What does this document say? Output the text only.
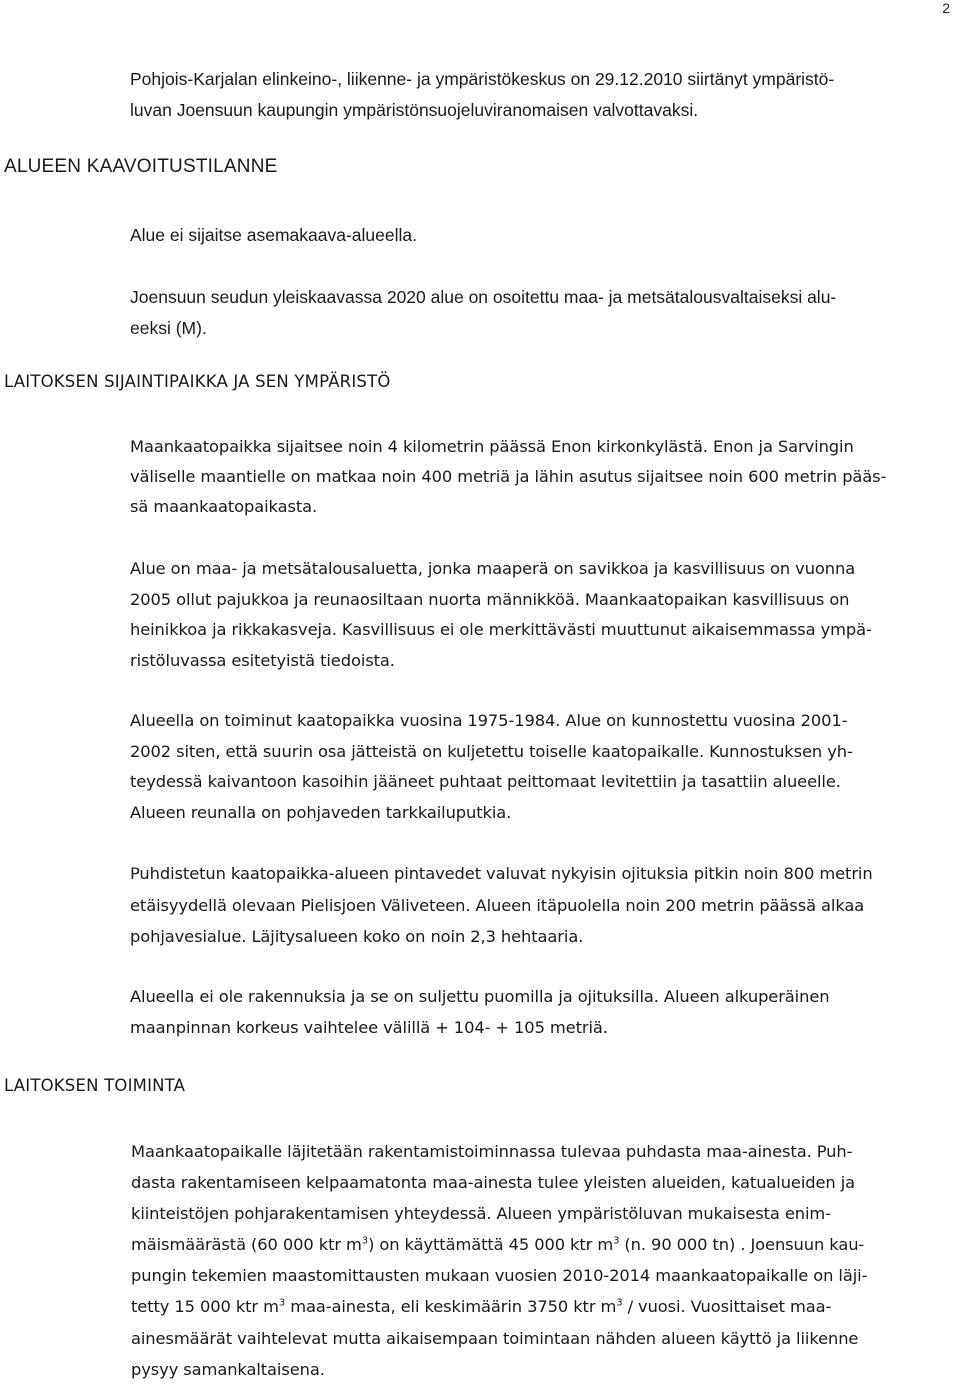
2
Pohjois-Karjalan elinkeino-, liikenne- ja ympäristökeskus on 29.12.2010 siirtänyt ympäristö-
luvan Joensuun kaupungin ympäristönsuojeluviranomaisen valvottavaksi.
ALUEEN KAAVOITUSTILANNE
Alue ei sijaitse asemakaava-alueella.
Joensuun seudun yleiskaavassa 2020 alue on osoitettu maa- ja metsätalousvaltaiseksi alu-
eeksi (M).
LAITOKSEN SIJAINTIPAIKKA JA SEN YMPÄRISTÖ
Maankaatopaikka sijaitsee noin 4 kilometrin päässä Enon kirkonkylästä. Enon ja Sarvingin
väliselle maantielle on matkaa noin 400 metriä ja lähin asutus sijaitsee noin 600 metrin pääs-
sä maankaatopaikasta.
Alue on maa- ja metsätalousaluetta, jonka maaperä on savikkoa ja kasvillisuus on vuonna
2005 ollut pajukkoa ja reunaosiltaan nuorta männikköä. Maankaatopaikan kasvillisuus on
heinikkoa ja rikkakasveja. Kasvillisuus ei ole merkittävästi muuttunut aikaisemmassa ympä-
ristöluvassa esitetyistä tiedoista.
Alueella on toiminut kaatopaikka vuosina 1975-1984. Alue on kunnostettu vuosina 2001-
2002 siten, että suurin osa jätteistä on kuljetettu toiselle kaatopaikalle. Kunnostuksen yh-
teydessä kaivantoon kasoihin jääneet puhtaat peittomaat levitettiin ja tasattiin alueelle.
Alueen reunalla on pohjaveden tarkkailuputkia.
Puhdistetun kaatopaikka-alueen pintavedet valuvat nykyisin ojituksia pitkin noin 800 metrin
etäisyydellä olevaan Pielisjoen Väliveteen. Alueen itäpuolella noin 200 metrin päässä alkaa
pohjavesialue. Läjitysalueen koko on noin 2,3 hehtaaria.
Alueella ei ole rakennuksia ja se on suljettu puomilla ja ojituksilla. Alueen alkuperäinen
maanpinnan korkeus vaihtelee välillä + 104- + 105 metriä.
LAITOKSEN TOIMINTA
Maankaatopaikalle läjitetään rakentamistoiminnassa tulevaa puhdasta maa-ainesta. Puh-
dasta rakentamiseen kelpaamatonta maa-ainesta tulee yleisten alueiden, katualueiden ja
kiinteistöjen pohjarakentamisen yhteydessä. Alueen ympäristöluvan mukaisesta enim-
mäismäärästä (60 000 ktr $m^3$) on käyttämättä 45 000 ktr $m^3$ (n. 90 000 tn) . Joensuun kau-
pungin tekemien maastomittausten mukaan vuosien 2010-2014 maankaatopaikalle on läji-
tetty 15 000 ktr $m^3$ maa-ainesta, eli keskimäärin 3750 ktr $m^3$ / vuosi. Vuosittaiset maa-
ainesmäärät vaihtelevat mutta aikaisempaan toimintaan nähden alueen käyttö ja liikenne
pysyy samankaltaisena.
